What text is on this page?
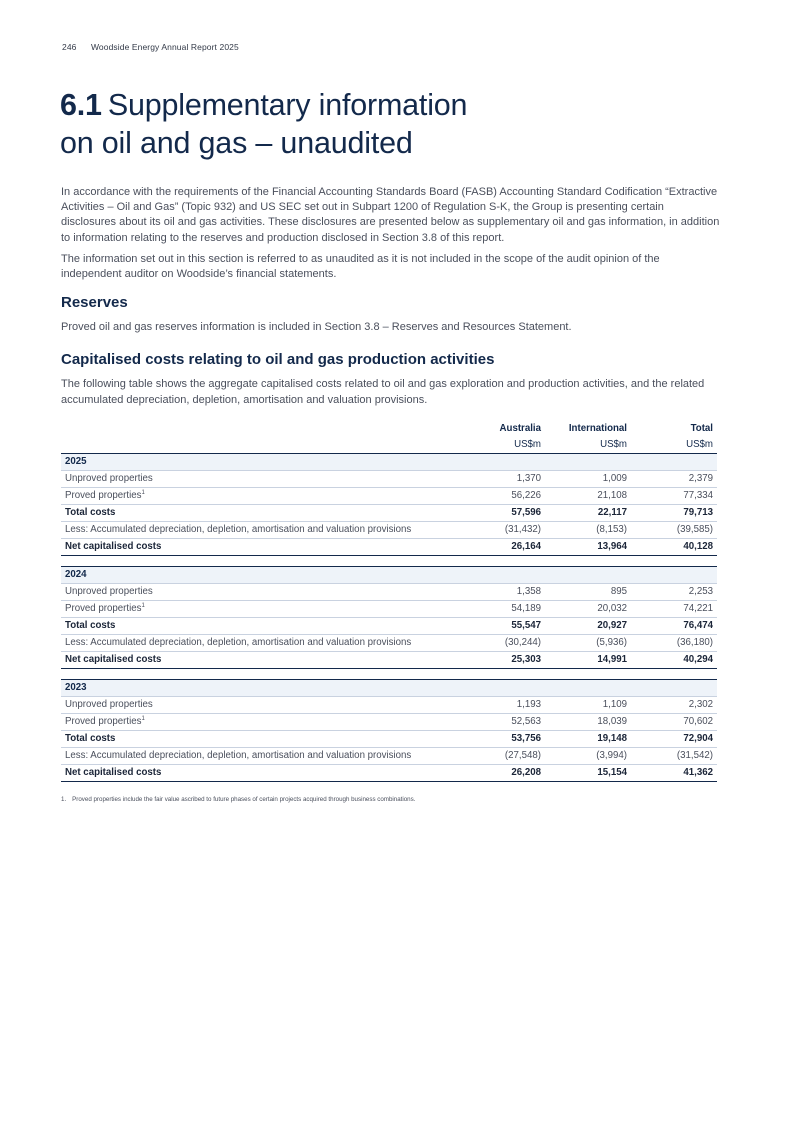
246 Woodside Energy Annual Report 2025
6.1 Supplementary information
on oil and gas – unaudited

In accordance with the requirements of the Financial Accounting Standards Board (FASB) Accounting Standard Codification “Extractive Activities – Oil and Gas” (Topic 932) and US SEC set out in Subpart 1200 of Regulation S-K, the Group is presenting certain disclosures about its oil and gas activities. These disclosures are presented below as supplementary oil and gas information, in addition to information relating to the reserves and production disclosed in Section 3.8 of this report.

The information set out in this section is referred to as unaudited as it is not included in the scope of the audit opinion of the independent auditor on Woodside’s financial statements.

Reserves

Proved oil and gas reserves information is included in Section 3.8 – Reserves and Resources Statement.

Capitalised costs relating to oil and gas production activities

The following table shows the aggregate capitalised costs related to oil and gas exploration and production activities, and the related accumulated depreciation, depletion, amortisation and valuation provisions.

	Australia	International	Total
	US$m	US$m	US$m
2025			
Unproved properties	1,370	1,009	2,379
Proved properties$^1$	56,226	21,108	77,334
Total costs	57,596	22,117	79,713
Less: Accumulated depreciation, depletion, amortisation and valuation provisions	(31,432)	(8,153)	(39,585)
Net capitalised costs	26,164	13,964	40,128

2024			
Unproved properties	1,358	895	2,253
Proved properties$^1$	54,189	20,032	74,221
Total costs	55,547	20,927	76,474
Less: Accumulated depreciation, depletion, amortisation and valuation provisions	(30,244)	(5,936)	(36,180)
Net capitalised costs	25,303	14,991	40,294

2023			
Unproved properties	1,193	1,109	2,302
Proved properties$^1$	52,563	18,039	70,602
Total costs	53,756	19,148	72,904
Less: Accumulated depreciation, depletion, amortisation and valuation provisions	(27,548)	(3,994)	(31,542)
Net capitalised costs	26,208	15,154	41,362
1. Proved properties include the fair value ascribed to future phases of certain projects acquired through business combinations.
